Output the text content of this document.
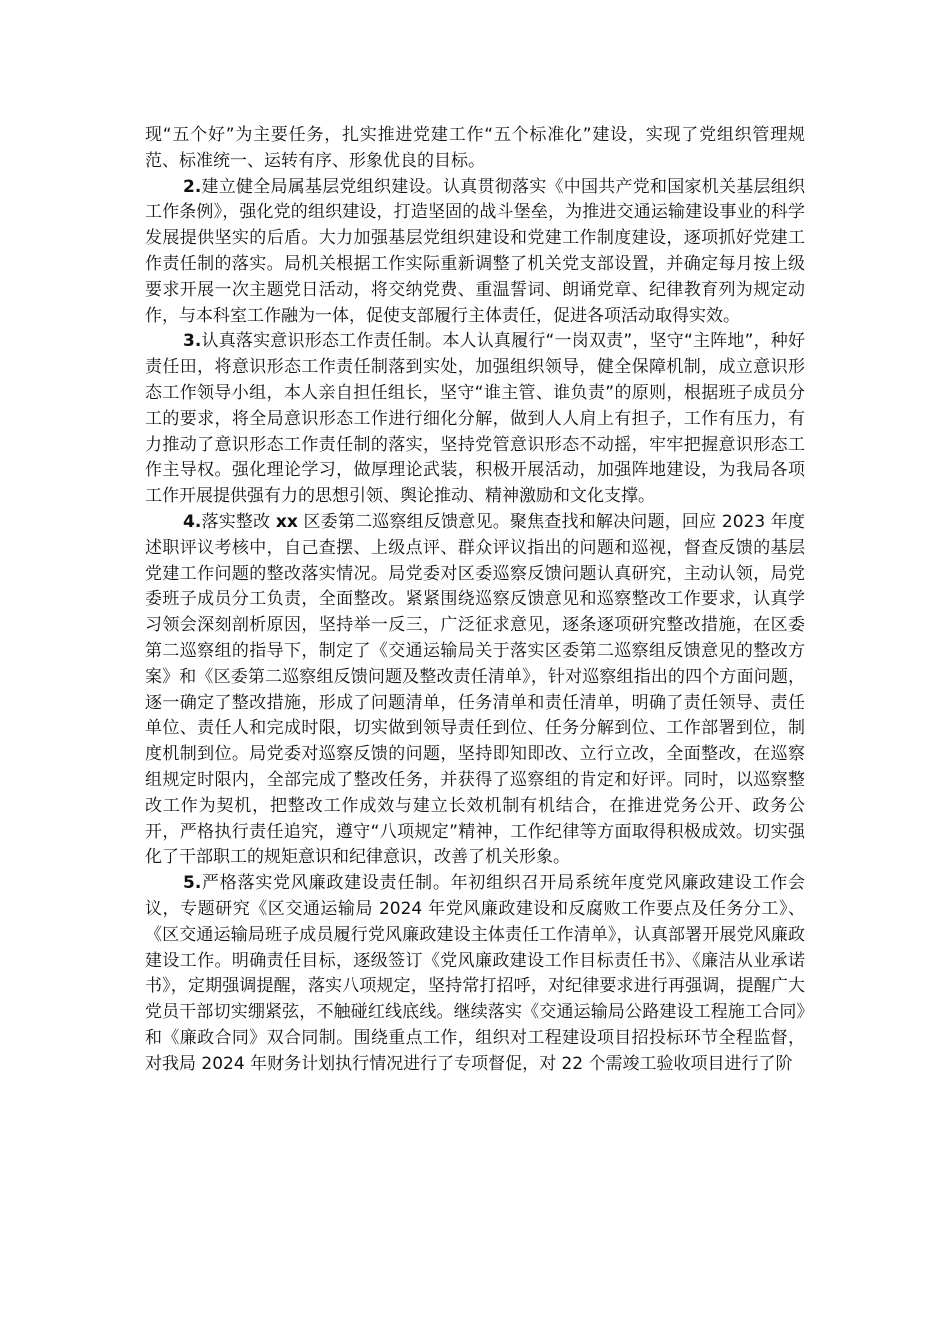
现“五个好”为主要任务，扎实推进党建工作“五个标准化”建设，实现了党组织管理规范、标准统一、运转有序、形象优良的目标。

2.建立健全局属基层党组织建设。认真贯彻落实《中国共产党和国家机关基层组织工作条例》，强化党的组织建设，打造坚固的战斗堡垒，为推进交通运输建设事业的科学发展提供坚实的后盾。大力加强基层党组织建设和党建工作制度建设，逐项抓好党建工作责任制的落实。局机关根据工作实际重新调整了机关党支部设置，并确定每月按上级要求开展一次主题党日活动，将交纳党费、重温誓词、朗诵党章、纪律教育列为规定动作，与本科室工作融为一体，促使支部履行主体责任，促进各项活动取得实效。

3.认真落实意识形态工作责任制。本人认真履行“一岗双责”，坚守“主阵地”，种好责任田，将意识形态工作责任制落到实处，加强组织领导，健全保障机制，成立意识形态工作领导小组，本人亲自担任组长，坚守“谁主管、谁负责”的原则，根据班子成员分工的要求，将全局意识形态工作进行细化分解，做到人人肩上有担子，工作有压力，有力推动了意识形态工作责任制的落实，坚持党管意识形态不动摇，牢牢把握意识形态工作主导权。强化理论学习，做厚理论武装，积极开展活动，加强阵地建设，为我局各项工作开展提供强有力的思想引领、舆论推动、精神激励和文化支撑。

4.落实整改 xx 区委第二巡察组反馈意见。聚焦查找和解决问题，回应 2023 年度述职评议考核中，自己查摆、上级点评、群众评议指出的问题和巡视，督查反馈的基层党建工作问题的整改落实情况。局党委对区委巡察反馈问题认真研究，主动认领，局党委班子成员分工负责，全面整改。紧紧围绕巡察反馈意见和巡察整改工作要求，认真学习领会深刻剖析原因，坚持举一反三，广泛征求意见，逐条逐项研究整改措施，在区委第二巡察组的指导下，制定了《交通运输局关于落实区委第二巡察组反馈意见的整改方案》和《区委第二巡察组反馈问题及整改责任清单》，针对巡察组指出的四个方面问题，逐一确定了整改措施，形成了问题清单，任务清单和责任清单，明确了责任领导、责任单位、责任人和完成时限，切实做到领导责任到位、任务分解到位、工作部署到位，制度机制到位。局党委对巡察反馈的问题，坚持即知即改、立行立改，全面整改，在巡察组规定时限内，全部完成了整改任务，并获得了巡察组的肯定和好评。同时，以巡察整改工作为契机，把整改工作成效与建立长效机制有机结合，在推进党务公开、政务公开，严格执行责任追究，遵守“八项规定”精神，工作纪律等方面取得积极成效。切实强化了干部职工的规矩意识和纪律意识，改善了机关形象。

5.严格落实党风廉政建设责任制。年初组织召开局系统年度党风廉政建设工作会议，专题研究《区交通运输局 2024 年党风廉政建设和反腐败工作要点及任务分工》、《区交通运输局班子成员履行党风廉政建设主体责任工作清单》，认真部署开展党风廉政建设工作。明确责任目标，逐级签订《党风廉政建设工作目标责任书》、《廉洁从业承诺书》，定期强调提醒，落实八项规定，坚持常打招呼，对纪律要求进行再强调，提醒广大党员干部切实绷紧弦，不触碰红线底线。继续落实《交通运输局公路建设工程施工合同》和《廉政合同》双合同制。围绕重点工作，组织对工程建设项目招投标环节全程监督，对我局 2024 年财务计划执行情况进行了专项督促，对 22 个需竣工验收项目进行了阶
